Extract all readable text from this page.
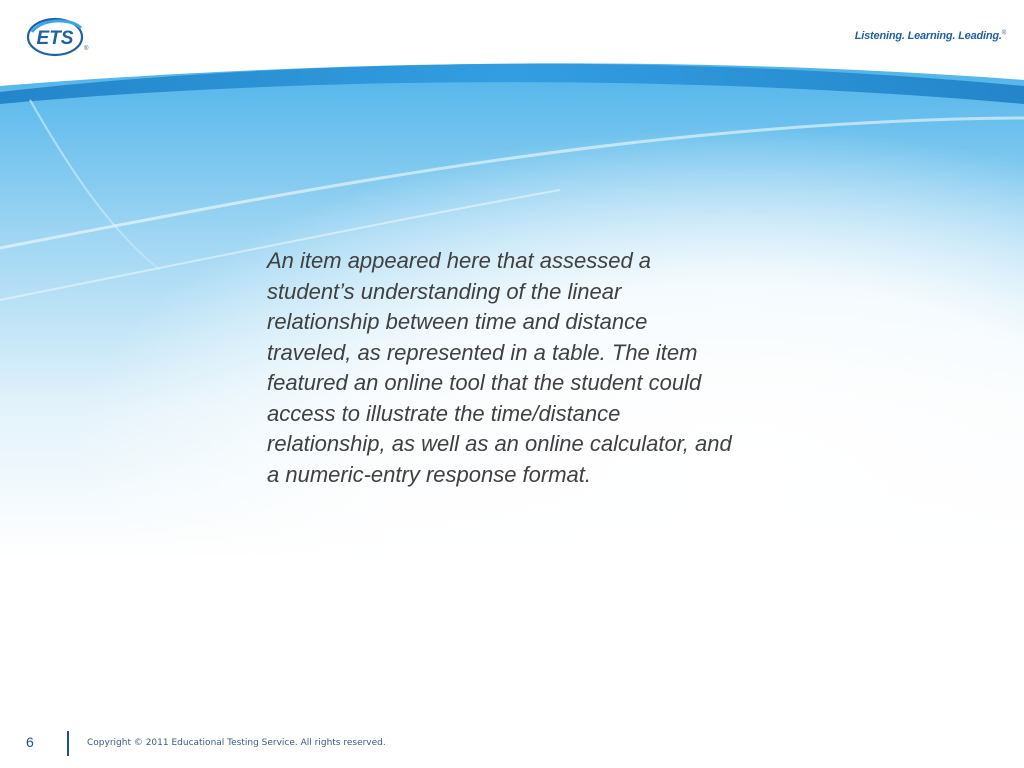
ETS ®
Listening. Learning. Leading.®

An item appeared here that assessed a student’s understanding of the linear relationship between time and distance traveled, as represented in a table. The item featured an online tool that the student could access to illustrate the time/distance relationship, as well as an online calculator, and a numeric-entry response format.

6	Copyright © 2011 Educational Testing Service. All rights reserved.
